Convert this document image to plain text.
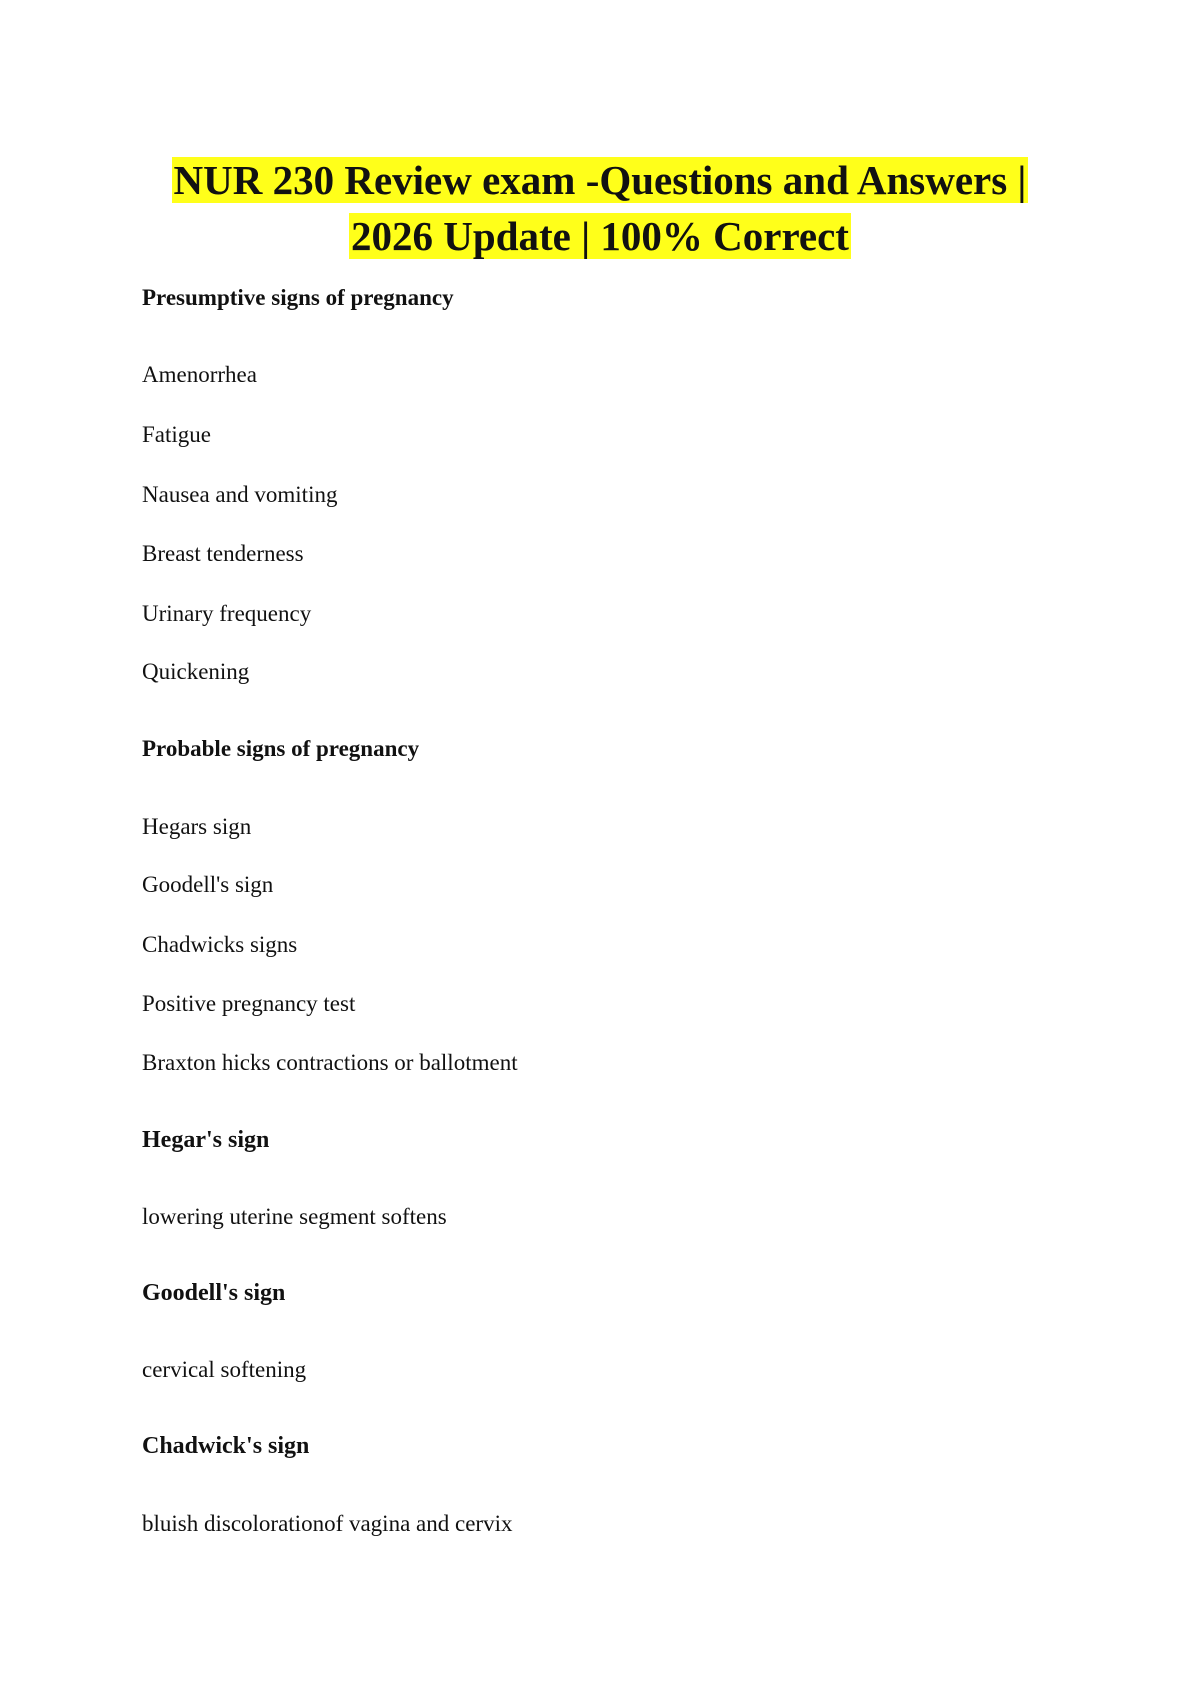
NUR 230 Review exam -Questions and Answers |
2026 Update | 100% Correct

Presumptive signs of pregnancy

Amenorrhea

Fatigue

Nausea and vomiting

Breast tenderness

Urinary frequency

Quickening

Probable signs of pregnancy

Hegars sign

Goodell's sign

Chadwicks signs

Positive pregnancy test

Braxton hicks contractions or ballotment

Hegar's sign

lowering uterine segment softens

Goodell's sign

cervical softening

Chadwick's sign

bluish discolorationof vagina and cervix
